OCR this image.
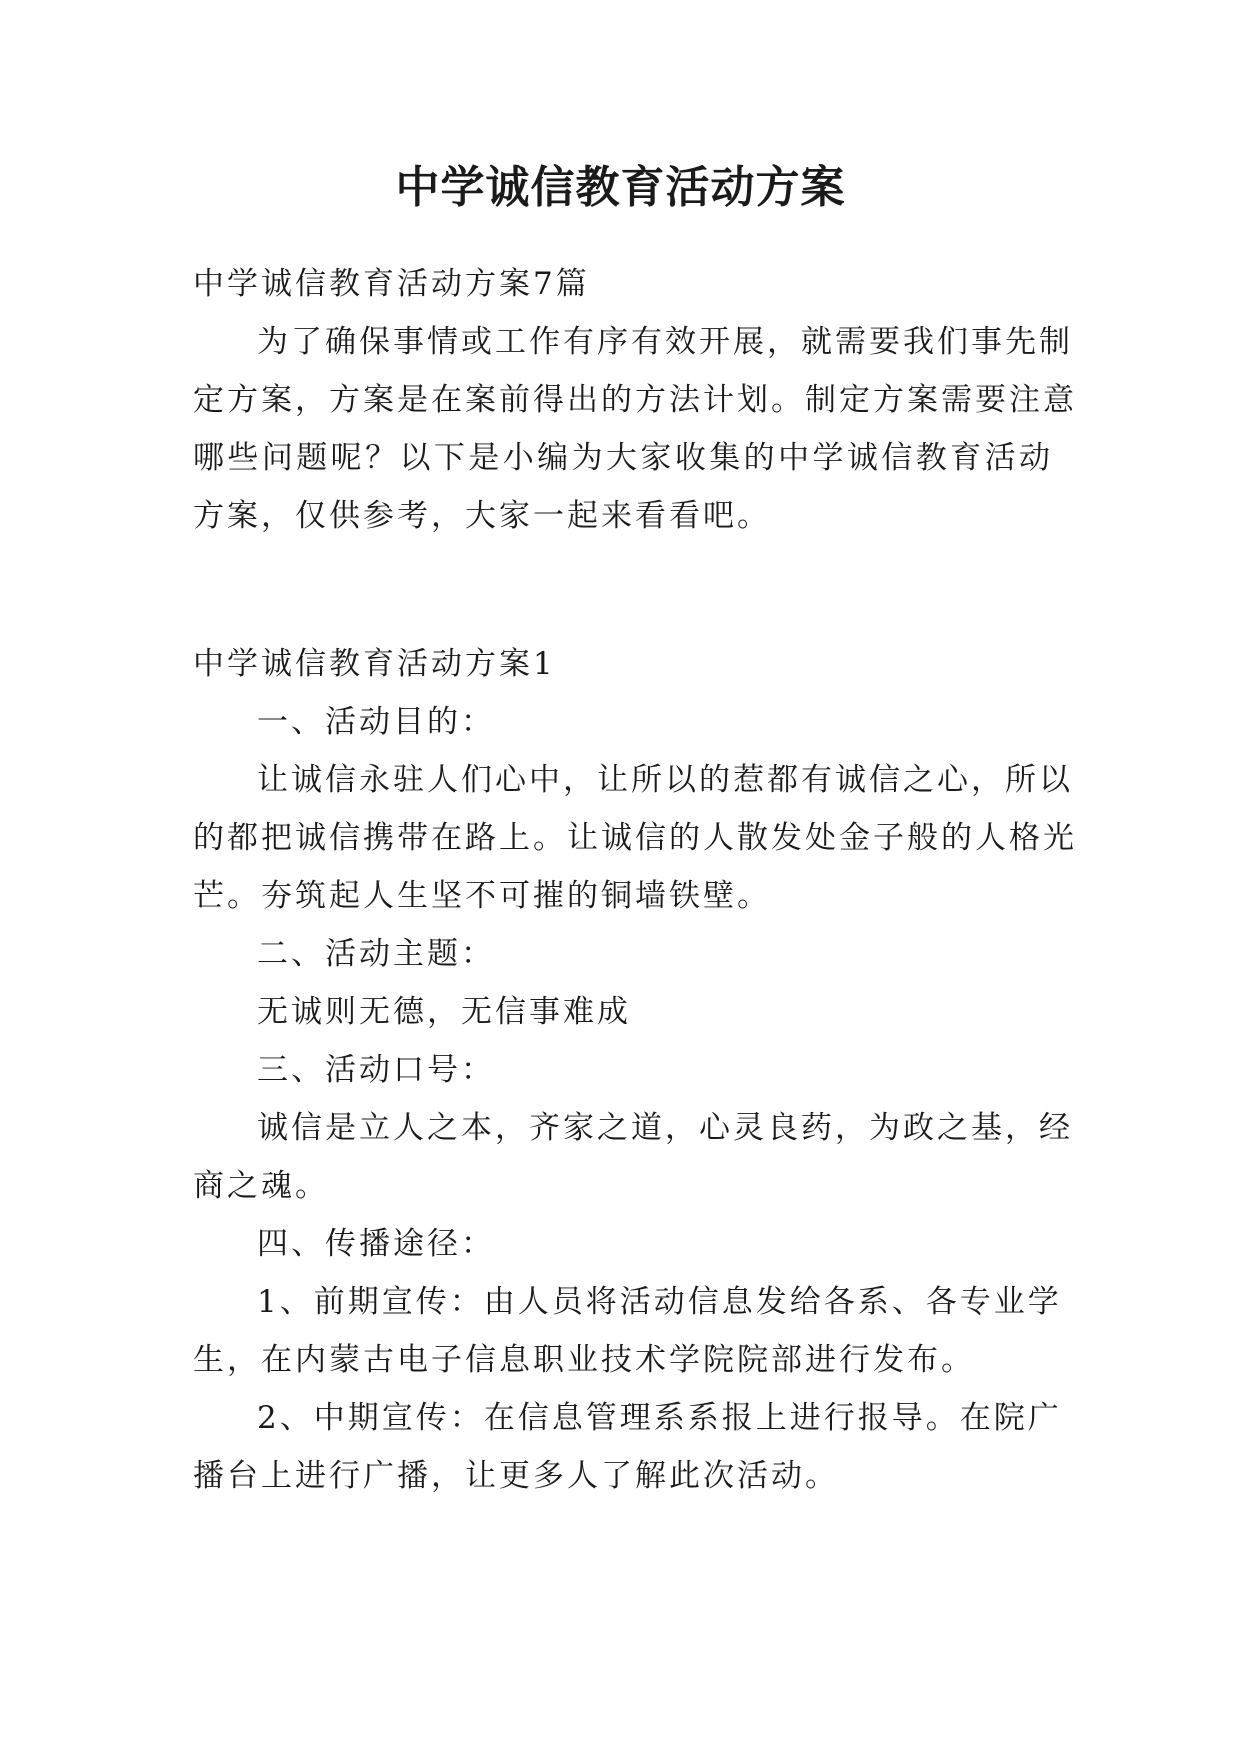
中学诚信教育活动方案
中学诚信教育活动方案7篇
为了确保事情或工作有序有效开展，就需要我们事先制
定方案，方案是在案前得出的方法计划。制定方案需要注意
哪些问题呢？以下是小编为大家收集的中学诚信教育活动
方案，仅供参考，大家一起来看看吧。
中学诚信教育活动方案1
一、活动目的：
让诚信永驻人们心中，让所以的惹都有诚信之心，所以
的都把诚信携带在路上。让诚信的人散发处金子般的人格光
芒。夯筑起人生坚不可摧的铜墙铁壁。
二、活动主题：
无诚则无德，无信事难成
三、活动口号：
诚信是立人之本，齐家之道，心灵良药，为政之基，经
商之魂。
四、传播途径：
1、前期宣传：由人员将活动信息发给各系、各专业学
生，在内蒙古电子信息职业技术学院院部进行发布。
2、中期宣传：在信息管理系系报上进行报导。在院广
播台上进行广播，让更多人了解此次活动。
